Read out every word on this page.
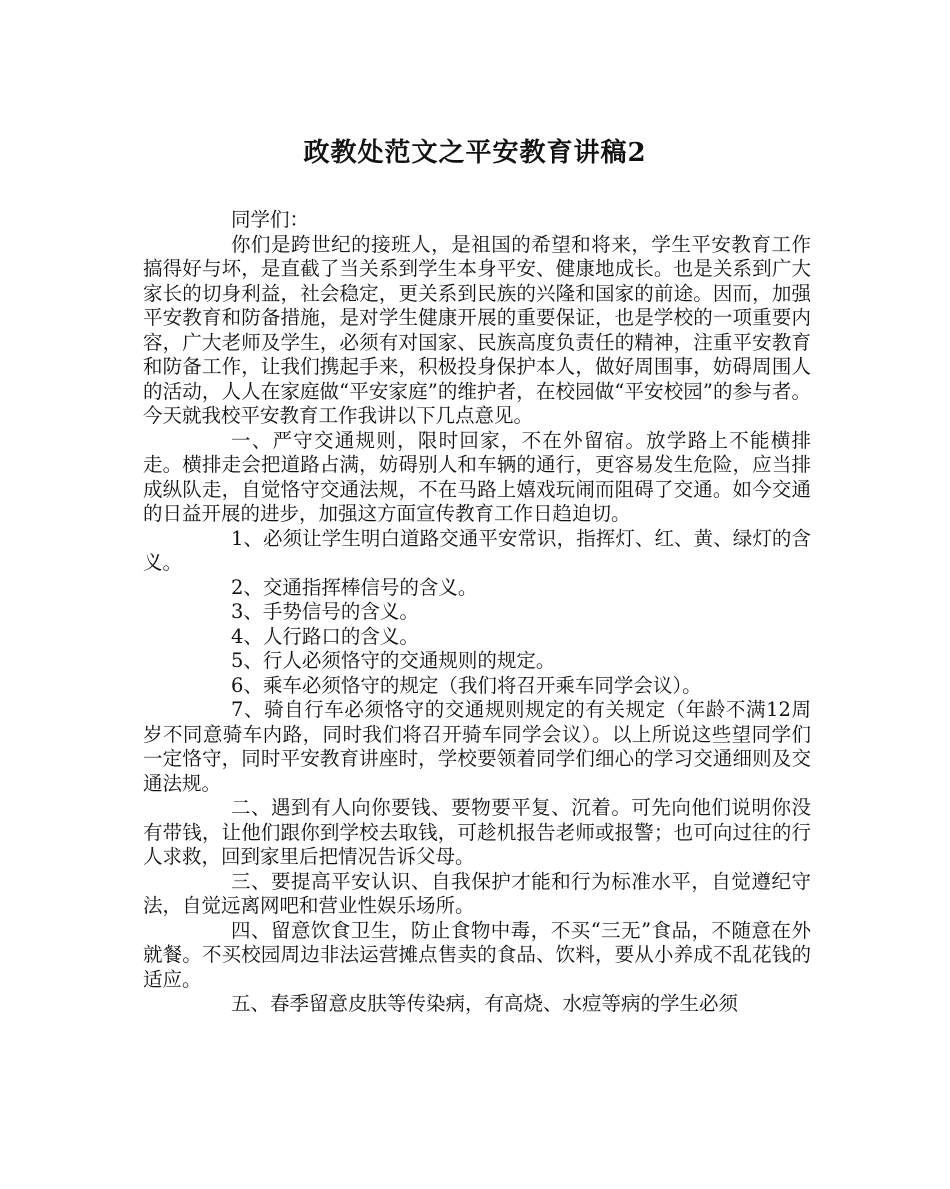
政教处范文之平安教育讲稿2

同学们：

你们是跨世纪的接班人，是祖国的希望和将来，学生平安教育工作搞得好与坏，是直截了当关系到学生本身平安、健康地成长。也是关系到广大家长的切身利益，社会稳定，更关系到民族的兴隆和国家的前途。因而，加强平安教育和防备措施，是对学生健康开展的重要保证，也是学校的一项重要内容，广大老师及学生，必须有对国家、民族高度负责任的精神，注重平安教育和防备工作，让我们携起手来，积极投身保护本人，做好周围事，妨碍周围人的活动，人人在家庭做“平安家庭”的维护者，在校园做“平安校园”的参与者。今天就我校平安教育工作我讲以下几点意见。

一、严守交通规则，限时回家，不在外留宿。放学路上不能横排走。横排走会把道路占满，妨碍别人和车辆的通行，更容易发生危险，应当排成纵队走，自觉恪守交通法规，不在马路上嬉戏玩闹而阻碍了交通。如今交通的日益开展的进步，加强这方面宣传教育工作日趋迫切。

1、必须让学生明白道路交通平安常识，指挥灯、红、黄、绿灯的含义。

2、交通指挥棒信号的含义。

3、手势信号的含义。

4、人行路口的含义。

5、行人必须恪守的交通规则的规定。

6、乘车必须恪守的规定（我们将召开乘车同学会议）。

7、骑自行车必须恪守的交通规则规定的有关规定（年龄不满12周岁不同意骑车内路，同时我们将召开骑车同学会议）。以上所说这些望同学们一定恪守，同时平安教育讲座时，学校要领着同学们细心的学习交通细则及交通法规。

二、遇到有人向你要钱、要物要平复、沉着。可先向他们说明你没有带钱，让他们跟你到学校去取钱，可趁机报告老师或报警；也可向过往的行人求救，回到家里后把情况告诉父母。

三、要提高平安认识、自我保护才能和行为标准水平，自觉遵纪守法，自觉远离网吧和营业性娱乐场所。

四、留意饮食卫生，防止食物中毒，不买“三无”食品，不随意在外就餐。不买校园周边非法运营摊点售卖的食品、饮料，要从小养成不乱花钱的适应。

五、春季留意皮肤等传染病，有高烧、水痘等病的学生必须
